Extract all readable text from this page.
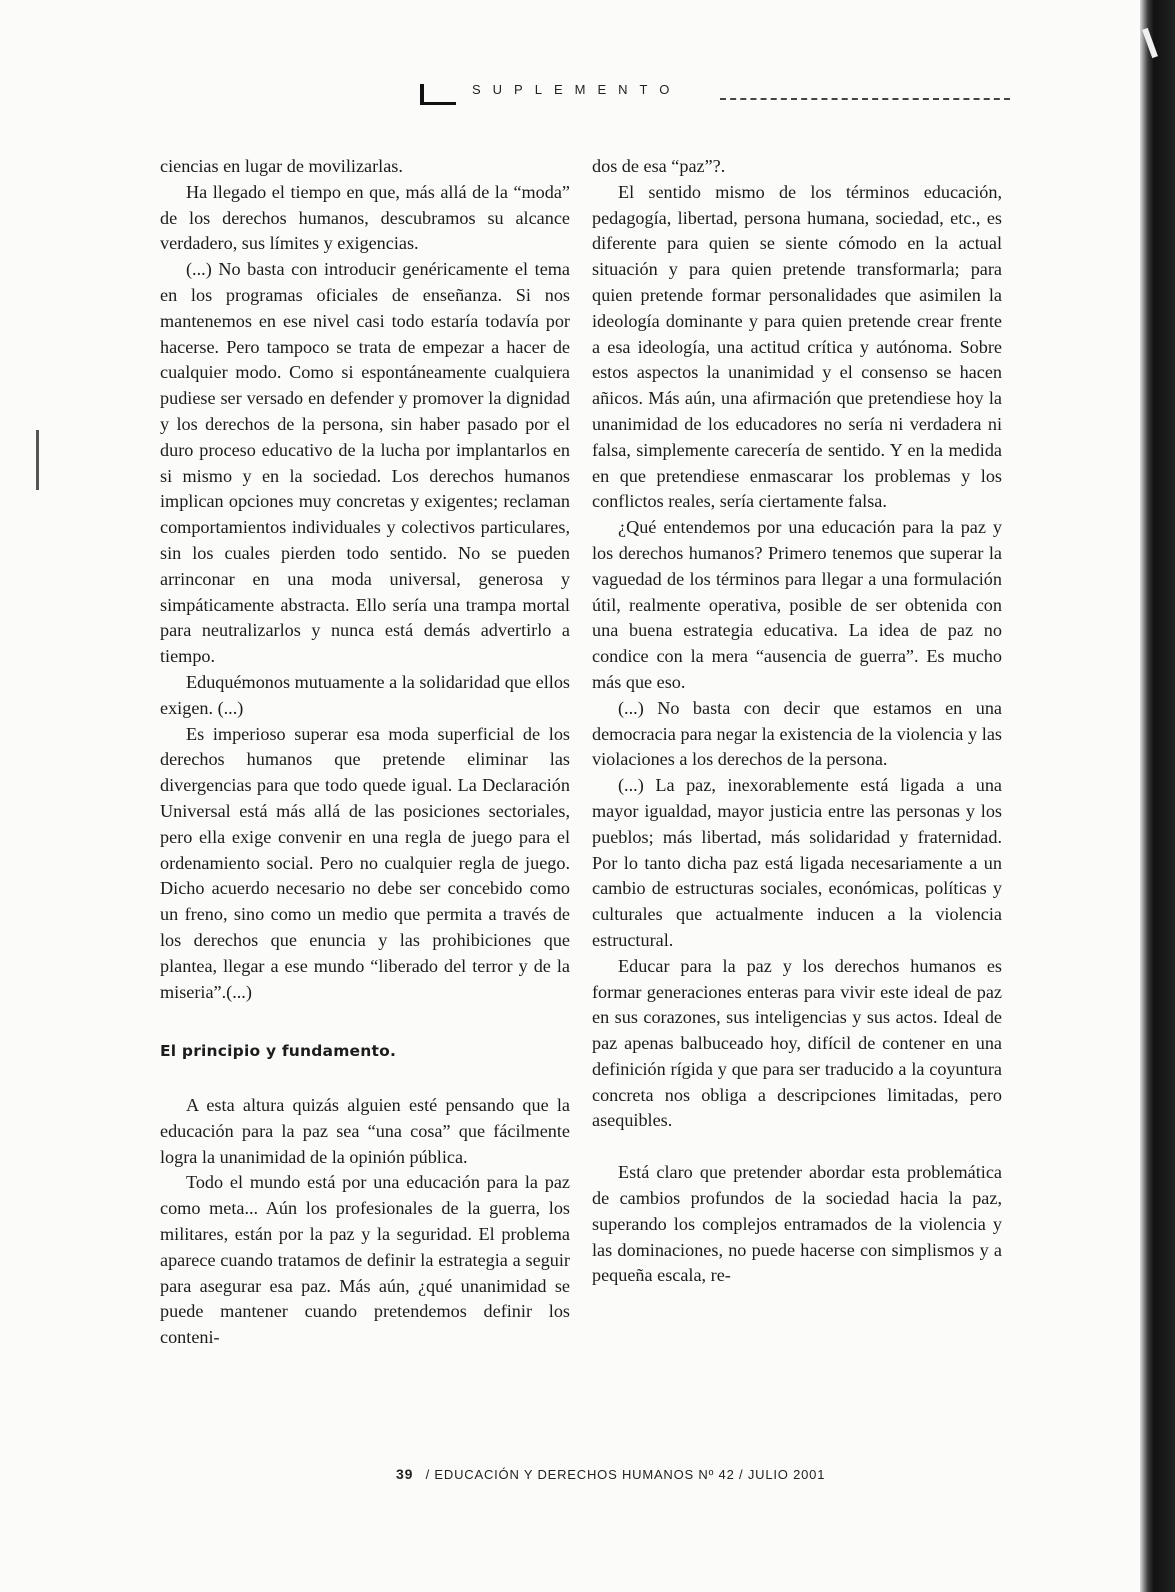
SUPLEMENTO

ciencias en lugar de movilizarlas.

Ha llegado el tiempo en que, más allá de la “moda” de los derechos humanos, descubramos su alcance verdadero, sus límites y exigencias.

(...) No basta con introducir genéricamente el tema en los programas oficiales de enseñanza. Si nos mantenemos en ese nivel casi todo estaría todavía por hacerse. Pero tampoco se trata de empezar a hacer de cualquier modo. Como si espontáneamente cualquiera pudiese ser versado en defender y promover la dignidad y los derechos de la persona, sin haber pasado por el duro proceso educativo de la lucha por implantarlos en si mismo y en la sociedad. Los derechos humanos implican opciones muy concretas y exigentes; reclaman comportamientos individuales y colectivos particulares, sin los cuales pierden todo sentido. No se pueden arrinconar en una moda universal, generosa y simpáticamente abstracta. Ello sería una trampa mortal para neutralizarlos y nunca está demás advertirlo a tiempo.

Eduquémonos mutuamente a la solidaridad que ellos exigen. (...)

Es imperioso superar esa moda superficial de los derechos humanos que pretende eliminar las divergencias para que todo quede igual. La Declaración Universal está más allá de las posiciones sectoriales, pero ella exige convenir en una regla de juego para el ordenamiento social. Pero no cualquier regla de juego. Dicho acuerdo necesario no debe ser concebido como un freno, sino como un medio que permita a través de los derechos que enuncia y las prohibiciones que plantea, llegar a ese mundo “liberado del terror y de la miseria”.(...)

El principio y fundamento.

A esta altura quizás alguien esté pensando que la educación para la paz sea “una cosa” que fácilmente logra la unanimidad de la opinión pública.

Todo el mundo está por una educación para la paz como meta... Aún los profesionales de la guerra, los militares, están por la paz y la seguridad. El problema aparece cuando tratamos de definir la estrategia a seguir para asegurar esa paz. Más aún, ¿qué unanimidad se puede mantener cuando pretendemos definir los conteni-

dos de esa “paz”?.

El sentido mismo de los términos educación, pedagogía, libertad, persona humana, sociedad, etc., es diferente para quien se siente cómodo en la actual situación y para quien pretende transformarla; para quien pretende formar personalidades que asimilen la ideología dominante y para quien pretende crear frente a esa ideología, una actitud crítica y autónoma. Sobre estos aspectos la unanimidad y el consenso se hacen añicos. Más aún, una afirmación que pretendiese hoy la unanimidad de los educadores no sería ni verdadera ni falsa, simplemente carecería de sentido. Y en la medida en que pretendiese enmascarar los problemas y los conflictos reales, sería ciertamente falsa.

¿Qué entendemos por una educación para la paz y los derechos humanos? Primero tenemos que superar la vaguedad de los términos para llegar a una formulación útil, realmente operativa, posible de ser obtenida con una buena estrategia educativa. La idea de paz no condice con la mera “ausencia de guerra”. Es mucho más que eso.

(...) No basta con decir que estamos en una democracia para negar la existencia de la violencia y las violaciones a los derechos de la persona.

(...) La paz, inexorablemente está ligada a una mayor igualdad, mayor justicia entre las personas y los pueblos; más libertad, más solidaridad y fraternidad. Por lo tanto dicha paz está ligada necesariamente a un cambio de estructuras sociales, económicas, políticas y culturales que actualmente inducen a la violencia estructural.

Educar para la paz y los derechos humanos es formar generaciones enteras para vivir este ideal de paz en sus corazones, sus inteligencias y sus actos. Ideal de paz apenas balbuceado hoy, difícil de contener en una definición rígida y que para ser traducido a la coyuntura concreta nos obliga a descripciones limitadas, pero asequibles.

Está claro que pretender abordar esta problemática de cambios profundos de la sociedad hacia la paz, superando los complejos entramados de la violencia y las dominaciones, no puede hacerse con simplismos y a pequeña escala, re-

39 / EDUCACIÓN Y DERECHOS HUMANOS Nº 42 / JULIO 2001
